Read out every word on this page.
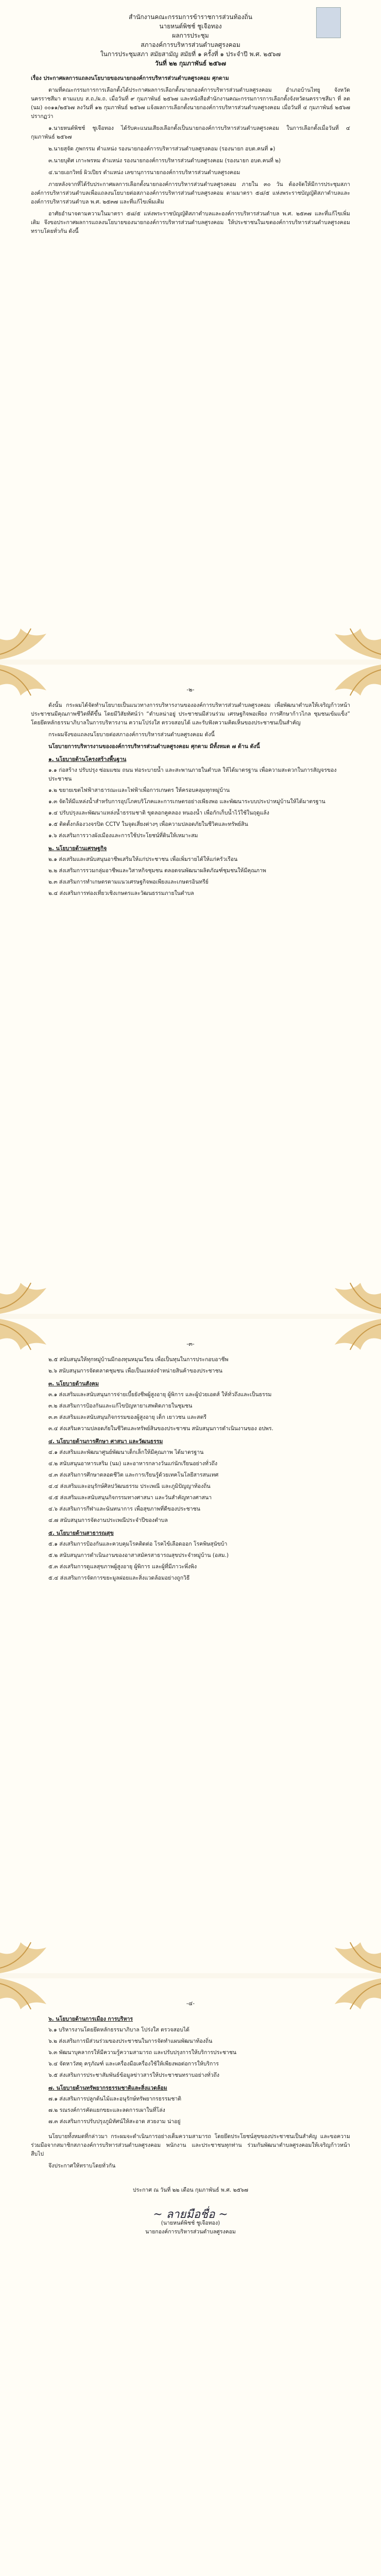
สำนักงานคณะกรรมการข้าราชการส่วนท้องถิ่น
นายหนต์พิชช์ ชูเจือทอง
ผลการประชุม
สภาองค์การบริหารส่วนตำบลศูรงคอม
ในการประชุมสภา สมัยสามัญ สมัยที่ ๑ ครั้งที่ ๑ ประจำปี พ.ศ. ๒๕๖๗
วันที่ ๒๒ กุมภาพันธ์ ๒๕๖๗

เรื่อง ประกาศผลการแถลงนโยบายของนายกองค์การบริหารส่วนตำบลศูรงคอม ศุกดาม

ตามที่คณะกรรมการการเลือกตั้งได้ประกาศผลการเลือกตั้งนายกองค์การบริหารส่วนตำบลศูรงคอม อำเภอบ้านไทยู จังหวัดนครราชสีมา ตามแบบ ส.ถ./ผ.ถ. เมื่อวันที่ ๙ กุมภาพันธ์ ๒๕๖๗ และหนังสือสำนักงานคณะกรรมการการเลือกตั้งจังหวัดนครราชสีมา ที่ ลต (นม) ๐๐๑๑/๒๕๖๗ ลงวันที่ ๑๒ กุมภาพันธ์ ๒๕๖๗ แจ้งผลการเลือกตั้งนายกองค์การบริหารส่วนตำบลศูรงคอม เมื่อวันที่ ๔ กุมภาพันธ์ ๒๕๖๗ ปรากฏว่า

๑.นายหนต์พิชช์ ชูเจือทอง ได้รับคะแนนเสียงเลือกตั้งเป็นนายกองค์การบริหารส่วนตำบลศูรงคอม ในการเลือกตั้งเมื่อวันที่ ๔ กุมภาพันธ์ ๒๕๖๗

๒.นายสุจัด ภูพกรรม ตำแหน่ง รองนายกองค์การบริหารส่วนตำบลศูรงคอม (รองนายก อบต.คนที่ ๑)

๓.นายบุติศ เกาะพรหม ตำแหน่ง รองนายกองค์การบริหารส่วนตำบลศูรงคอม (รองนายก อบต.คนที่ ๒)

๔.นายเอกวิทย์ ผิวเปียร ตำแหน่ง เลขานุการนายกองค์การบริหารส่วนตำบลศูรงคอม

ภายหลังจากที่ได้รับประกาศผลการเลือกตั้งนายกองค์การบริหารส่วนตำบลศูรงคอม ภายใน ๓๐ วัน ต้องจัดให้มีการประชุมสภาองค์การบริหารส่วนตำบลเพื่อแถลงนโยบายต่อสภาองค์การบริหารส่วนตำบลศูรงคอม ตามมาตรา ๕๘/๕ แห่งพระราชบัญญัติสภาตำบลและองค์การบริหารส่วนตำบล พ.ศ. ๒๕๓๗ และที่แก้ไขเพิ่มเติม

อาศัยอำนาจตามความในมาตรา ๕๘/๕ แห่งพระราชบัญญัติสภาตำบลและองค์การบริหารส่วนตำบล พ.ศ. ๒๕๓๗ และที่แก้ไขเพิ่มเติม จึงขอประกาศผลการแถลงนโยบายของนายกองค์การบริหารส่วนตำบลศูรงคอม ให้ประชาชนในเขตองค์การบริหารส่วนตำบลศูรงคอมทราบโดยทั่วกัน ดังนี้

-๒-

ดังนั้น กระผมได้จัดทำนโยบายเป็นแนวทางการบริหารงานขององค์การบริหารส่วนตำบลศูรงคอม เพื่อพัฒนาตำบลให้เจริญก้าวหน้า ประชาชนมีคุณภาพชีวิตที่ดีขึ้น โดยมีวิสัยทัศน์ว่า “ตำบลน่าอยู่ ประชาชนมีส่วนร่วม เศรษฐกิจพอเพียง การศึกษาก้าวไกล ชุมชนเข้มแข็ง” โดยยึดหลักธรรมาภิบาลในการบริหารงาน ความโปร่งใส ตรวจสอบได้ และรับฟังความคิดเห็นของประชาชนเป็นสำคัญ

กระผมจึงขอแถลงนโยบายต่อสภาองค์การบริหารส่วนตำบลศูรงคอม ดังนี้

นโยบายการบริหารงานขององค์การบริหารส่วนตำบลศูรงคอม ศุกดาม มีทั้งหมด ๗ ด้าน ดังนี้

๑. นโยบายด้านโครงสร้างพื้นฐาน
๑.๑ ก่อสร้าง ปรับปรุง ซ่อมแซม ถนน ท่อระบายน้ำ และสะพานภายในตำบล ให้ได้มาตรฐาน เพื่อความสะดวกในการสัญจรของประชาชน
๑.๒ ขยายเขตไฟฟ้าสาธารณะและไฟฟ้าเพื่อการเกษตร ให้ครอบคลุมทุกหมู่บ้าน
๑.๓ จัดให้มีแหล่งน้ำสำหรับการอุปโภคบริโภคและการเกษตรอย่างเพียงพอ และพัฒนาระบบประปาหมู่บ้านให้ได้มาตรฐาน
๑.๔ ปรับปรุงและพัฒนาแหล่งน้ำธรรมชาติ ขุดลอกคูคลอง หนองน้ำ เพื่อกักเก็บน้ำไว้ใช้ในฤดูแล้ง
๑.๕ ติดตั้งกล้องวงจรปิด CCTV ในจุดเสี่ยงต่างๆ เพื่อความปลอดภัยในชีวิตและทรัพย์สิน
๑.๖ ส่งเสริมการวางผังเมืองและการใช้ประโยชน์ที่ดินให้เหมาะสม
๒. นโยบายด้านเศรษฐกิจ
๒.๑ ส่งเสริมและสนับสนุนอาชีพเสริมให้แก่ประชาชน เพื่อเพิ่มรายได้ให้แก่ครัวเรือน
๒.๒ ส่งเสริมการรวมกลุ่มอาชีพและวิสาหกิจชุมชน ตลอดจนพัฒนาผลิตภัณฑ์ชุมชนให้มีคุณภาพ
๒.๓ ส่งเสริมการทำเกษตรตามแนวเศรษฐกิจพอเพียงและเกษตรอินทรีย์
๒.๔ ส่งเสริมการท่องเที่ยวเชิงเกษตรและวัฒนธรรมภายในตำบล
-๓-
๒.๕ สนับสนุนให้ทุกหมู่บ้านมีกองทุนหมุนเวียน เพื่อเป็นทุนในการประกอบอาชีพ
๒.๖ สนับสนุนการจัดตลาดชุมชน เพื่อเป็นแหล่งจำหน่ายสินค้าของประชาชน
๓. นโยบายด้านสังคม
๓.๑ ส่งเสริมและสนับสนุนการจ่ายเบี้ยยังชีพผู้สูงอายุ ผู้พิการ และผู้ป่วยเอดส์ ให้ทั่วถึงและเป็นธรรม
๓.๒ ส่งเสริมการป้องกันและแก้ไขปัญหายาเสพติดภายในชุมชน
๓.๓ ส่งเสริมและสนับสนุนกิจกรรมของผู้สูงอายุ เด็ก เยาวชน และสตรี
๓.๔ ส่งเสริมความปลอดภัยในชีวิตและทรัพย์สินของประชาชน สนับสนุนการดำเนินงานของ อปพร.
๔. นโยบายด้านการศึกษา ศาสนา และวัฒนธรรม
๔.๑ ส่งเสริมและพัฒนาศูนย์พัฒนาเด็กเล็กให้มีคุณภาพ ได้มาตรฐาน
๔.๒ สนับสนุนอาหารเสริม (นม) และอาหารกลางวันแก่นักเรียนอย่างทั่วถึง
๔.๓ ส่งเสริมการศึกษาตลอดชีวิต และการเรียนรู้ด้วยเทคโนโลยีสารสนเทศ
๔.๔ ส่งเสริมและอนุรักษ์ศิลปวัฒนธรรม ประเพณี และภูมิปัญญาท้องถิ่น
๔.๕ ส่งเสริมและสนับสนุนกิจกรรมทางศาสนา และวันสำคัญทางศาสนา
๔.๖ ส่งเสริมการกีฬาและนันทนาการ เพื่อสุขภาพที่ดีของประชาชน
๔.๗ สนับสนุนการจัดงานประเพณีประจำปีของตำบล
๕. นโยบายด้านสาธารณสุข
๕.๑ ส่งเสริมการป้องกันและควบคุมโรคติดต่อ โรคไข้เลือดออก โรคพิษสุนัขบ้า
๕.๒ สนับสนุนการดำเนินงานของอาสาสมัครสาธารณสุขประจำหมู่บ้าน (อสม.)
๕.๓ ส่งเสริมการดูแลสุขภาพผู้สูงอายุ ผู้พิการ และผู้ที่มีภาวะพึ่งพิง
๕.๔ ส่งเสริมการจัดการขยะมูลฝอยและสิ่งแวดล้อมอย่างถูกวิธี
-๔-
๖. นโยบายด้านการเมือง การบริหาร
๖.๑ บริหารงานโดยยึดหลักธรรมาภิบาล โปร่งใส ตรวจสอบได้
๖.๒ ส่งเสริมการมีส่วนร่วมของประชาชนในการจัดทำแผนพัฒนาท้องถิ่น
๖.๓ พัฒนาบุคลากรให้มีความรู้ความสามารถ และปรับปรุงการให้บริการประชาชน
๖.๔ จัดหาวัสดุ ครุภัณฑ์ และเครื่องมือเครื่องใช้ให้เพียงพอต่อการให้บริการ
๖.๕ ส่งเสริมการประชาสัมพันธ์ข้อมูลข่าวสารให้ประชาชนทราบอย่างทั่วถึง
๗. นโยบายด้านทรัพยากรธรรมชาติและสิ่งแวดล้อม
๗.๑ ส่งเสริมการปลูกต้นไม้และอนุรักษ์ทรัพยากรธรรมชาติ
๗.๒ รณรงค์การคัดแยกขยะและลดการเผาในที่โล่ง
๗.๓ ส่งเสริมการปรับปรุงภูมิทัศน์ให้สะอาด สวยงาม น่าอยู่

นโยบายทั้งหมดที่กล่าวมา กระผมจะดำเนินการอย่างเต็มความสามารถ โดยยึดประโยชน์สุขของประชาชนเป็นสำคัญ และขอความร่วมมือจากสมาชิกสภาองค์การบริหารส่วนตำบลศูรงคอม พนักงาน และประชาชนทุกท่าน ร่วมกันพัฒนาตำบลศูรงคอมให้เจริญก้าวหน้าสืบไป

จึงประกาศให้ทราบโดยทั่วกัน

ประกาศ ณ วันที่ ๒๒ เดือน กุมภาพันธ์ พ.ศ. ๒๕๖๗
~ ลายมือชื่อ ~
(นายหนต์พิชช์ ชูเจือทอง)
นายกองค์การบริหารส่วนตำบลศูรงคอม
